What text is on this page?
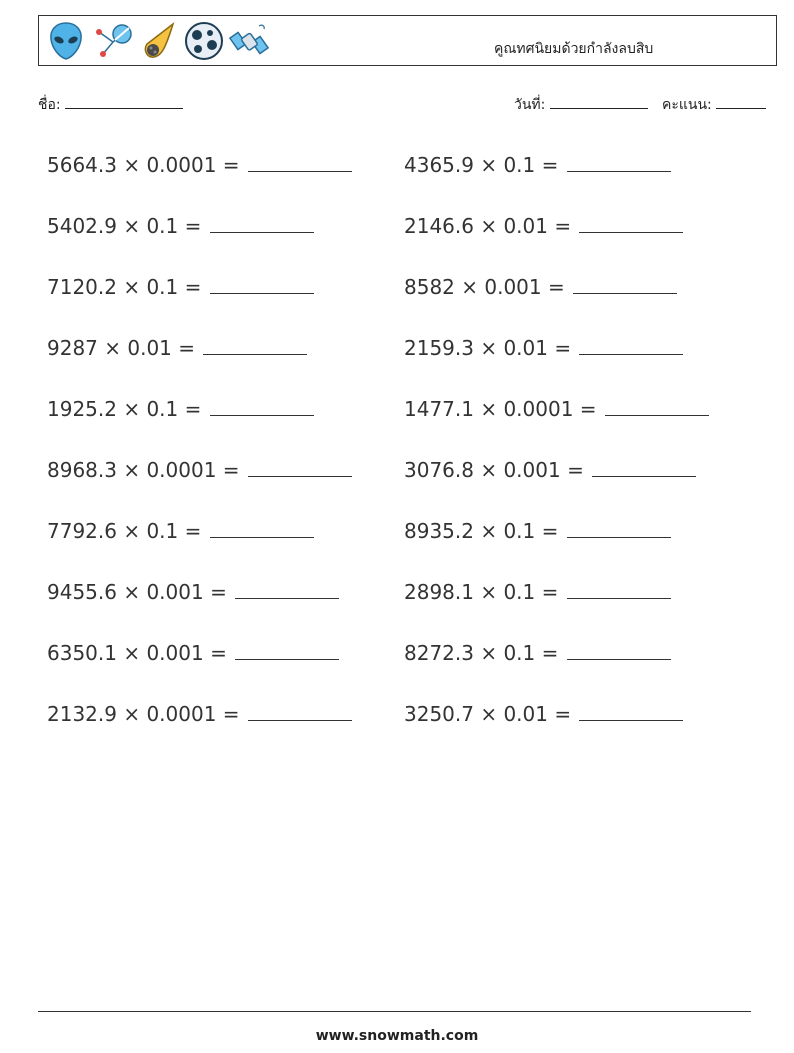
คูณทศนิยมด้วยกำลังลบสิบ
ชื่อ:	วันที่:	คะแนน:
5664.3 × 0.0001 =	4365.9 × 0.1 =
5402.9 × 0.1 =	2146.6 × 0.01 =
7120.2 × 0.1 =	8582 × 0.001 =
9287 × 0.01 =	2159.3 × 0.01 =
1925.2 × 0.1 =	1477.1 × 0.0001 =
8968.3 × 0.0001 =	3076.8 × 0.001 =
7792.6 × 0.1 =	8935.2 × 0.1 =
9455.6 × 0.001 =	2898.1 × 0.1 =
6350.1 × 0.001 =	8272.3 × 0.1 =
2132.9 × 0.0001 =	3250.7 × 0.01 =
www.snowmath.com
